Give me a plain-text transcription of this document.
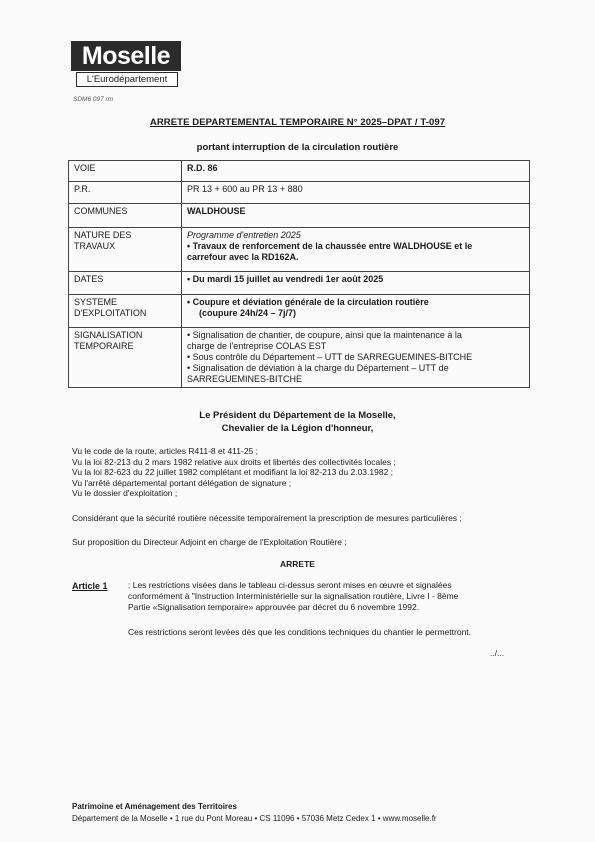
Moselle
L'Eurodépartement
SDM6 097 rm
ARRETE DEPARTEMENTAL TEMPORAIRE N° 2025–DPAT / T-097
portant interruption de la circulation routière
VOIE	R.D. 86
P.R.	PR 13 + 600 au PR 13 + 880
COMMUNES	WALDHOUSE

NATURE DES
TRAVAUX	Programme d'entretien 2025
• Travaux de renforcement de la chaussée entre WALDHOUSE et le
carrefour avec la RD162A.

DATES	• Du mardi 15 juillet au vendredi 1er août 2025

SYSTEME
D'EXPLOITATION	• Coupure et déviation générale de la circulation routière
(coupure 24h/24 – 7j/7)

SIGNALISATION
TEMPORAIRE	• Signalisation de chantier, de coupure, ainsi que la maintenance à la
charge de l'entreprise COLAS EST
• Sous contrôle du Département – UTT de SARREGUEMINES-BITCHE
• Signalisation de déviation à la charge du Département – UTT de
SARREGUEMINES-BITCHE
Le Président du Département de la Moselle,
Chevalier de la Légion d'honneur,
Vu le code de la route, articles R411-8 et 411-25 ;
Vu la loi 82-213 du 2 mars 1982 relative aux droits et libertés des collectivités locales ;
Vu la loi 82-623 du 22 juillet 1982 complétant et modifiant la loi 82-213 du 2.03.1982 ;
Vu l'arrêté départemental portant délégation de signature ;
Vu le dossier d'exploitation ;
Considérant que la sécurité routière nécessite temporairement la prescription de mesures particulières ;
Sur proposition du Directeur Adjoint en charge de l'Exploitation Routière ;
ARRETE
Article 1 : Les restrictions visées dans le tableau ci-dessus seront mises en œuvre et signalées
conformément à "Instruction Interministérielle sur la signalisation routière, Livre I - 8ème
Partie «Signalisation temporaire» approuvée par décret du 6 novembre 1992.
Ces restrictions seront levées dès que les conditions techniques du chantier le permettront.
../...
Patrimoine et Aménagement des Territoires
Département de la Moselle • 1 rue du Pont Moreau • CS 11096 • 57036 Metz Cedex 1 • www.moselle.fr
